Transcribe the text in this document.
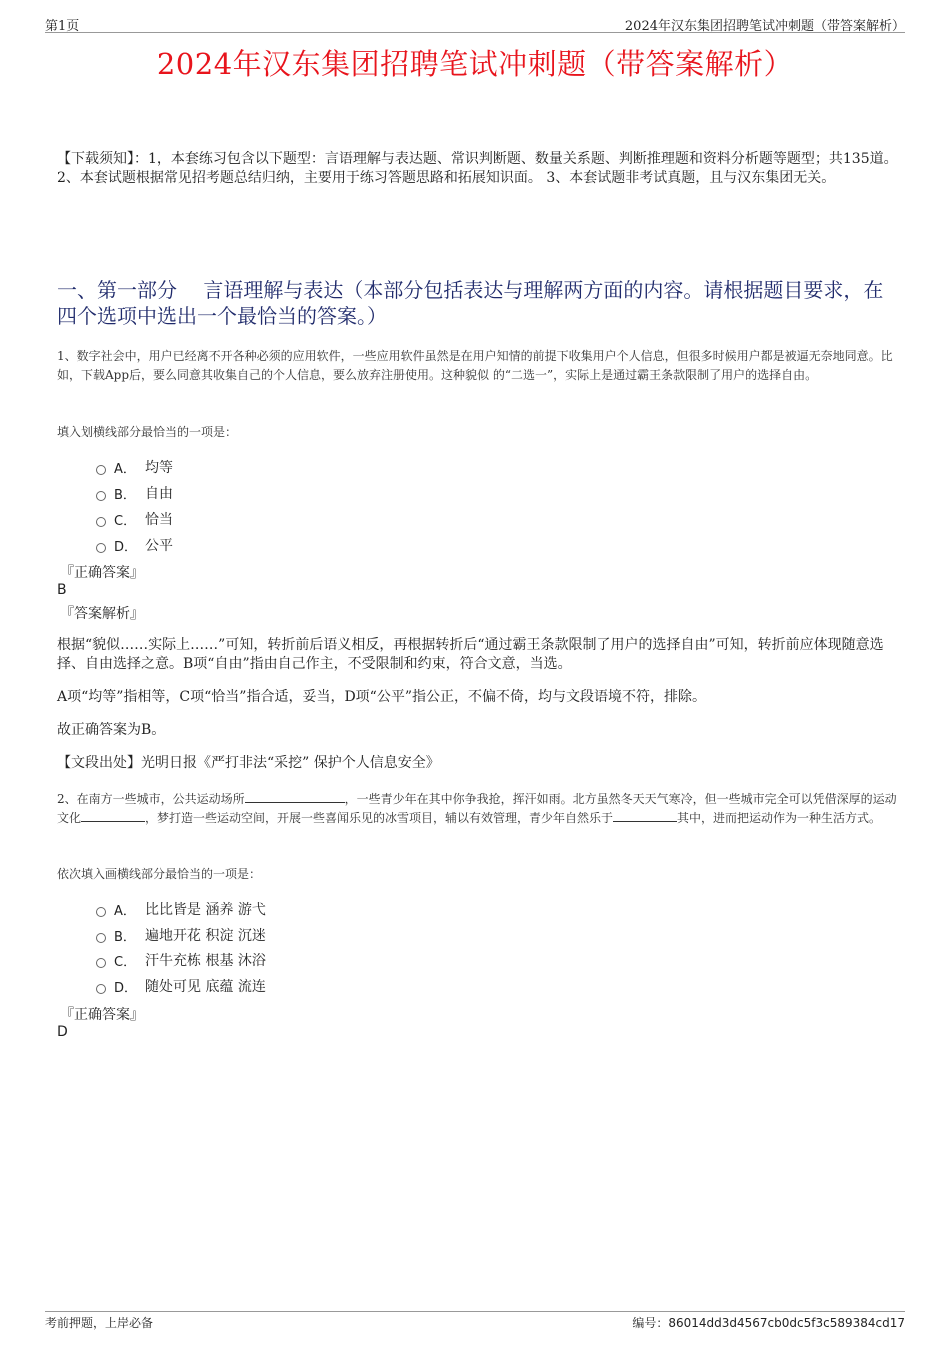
第1页	2024年汉东集团招聘笔试冲刺题（带答案解析）
2024年汉东集团招聘笔试冲刺题（带答案解析）
【下载须知】：1，本套练习包含以下题型：言语理解与表达题、常识判断题、数量关系题、判断推理题和资料分析题等题型；共135道。 2、本套试题根据常见招考题总结归纳，主要用于练习答题思路和拓展知识面。 3、本套试题非考试真题，且与汉东集团无关。
一、第一部分　 言语理解与表达（本部分包括表达与理解两方面的内容。请根据题目要求，在四个选项中选出一个最恰当的答案。）
1、数字社会中，用户已经离不开各种必须的应用软件，一些应用软件虽然是在用户知情的前提下收集用户个人信息，但很多时候用户都是被逼无奈地同意。比如，下载App后，要么同意其收集自己的个人信息，要么放弃注册使用。这种貌似 的“二选一”，实际上是通过霸王条款限制了用户的选择自由。
填入划横线部分最恰当的一项是：
A． 均等
B． 自由
C． 恰当
D． 公平
『正确答案』
B
『答案解析』
根据“貌似……实际上……”可知，转折前后语义相反，再根据转折后“通过霸王条款限制了用户的选择自由”可知，转折前应体现随意选择、自由选择之意。B项“自由”指由自己作主，不受限制和约束，符合文意，当选。
A项“均等”指相等，C项“恰当”指合适，妥当，D项“公平”指公正，不偏不倚，均与文段语境不符，排除。
故正确答案为B。
【文段出处】光明日报《严打非法“采挖” 保护个人信息安全》
2、在南方一些城市，公共运动场所	，一些青少年在其中你争我抢，挥汗如雨。北方虽然冬天天气寒冷，但一些城市完全可以凭借深厚的运动文化	，梦打造一些运动空间，开展一些喜闻乐见的冰雪项目，辅以有效管理，青少年自然乐于	其中，进而把运动作为一种生活方式。
依次填入画横线部分最恰当的一项是：
A． 比比皆是 涵养 游弋
B． 遍地开花 积淀 沉迷
C． 汗牛充栋 根基 沐浴
D． 随处可见 底蕴 流连
『正确答案』
D
考前押题，上岸必备	编号：86014dd3d4567cb0dc5f3c589384cd17
